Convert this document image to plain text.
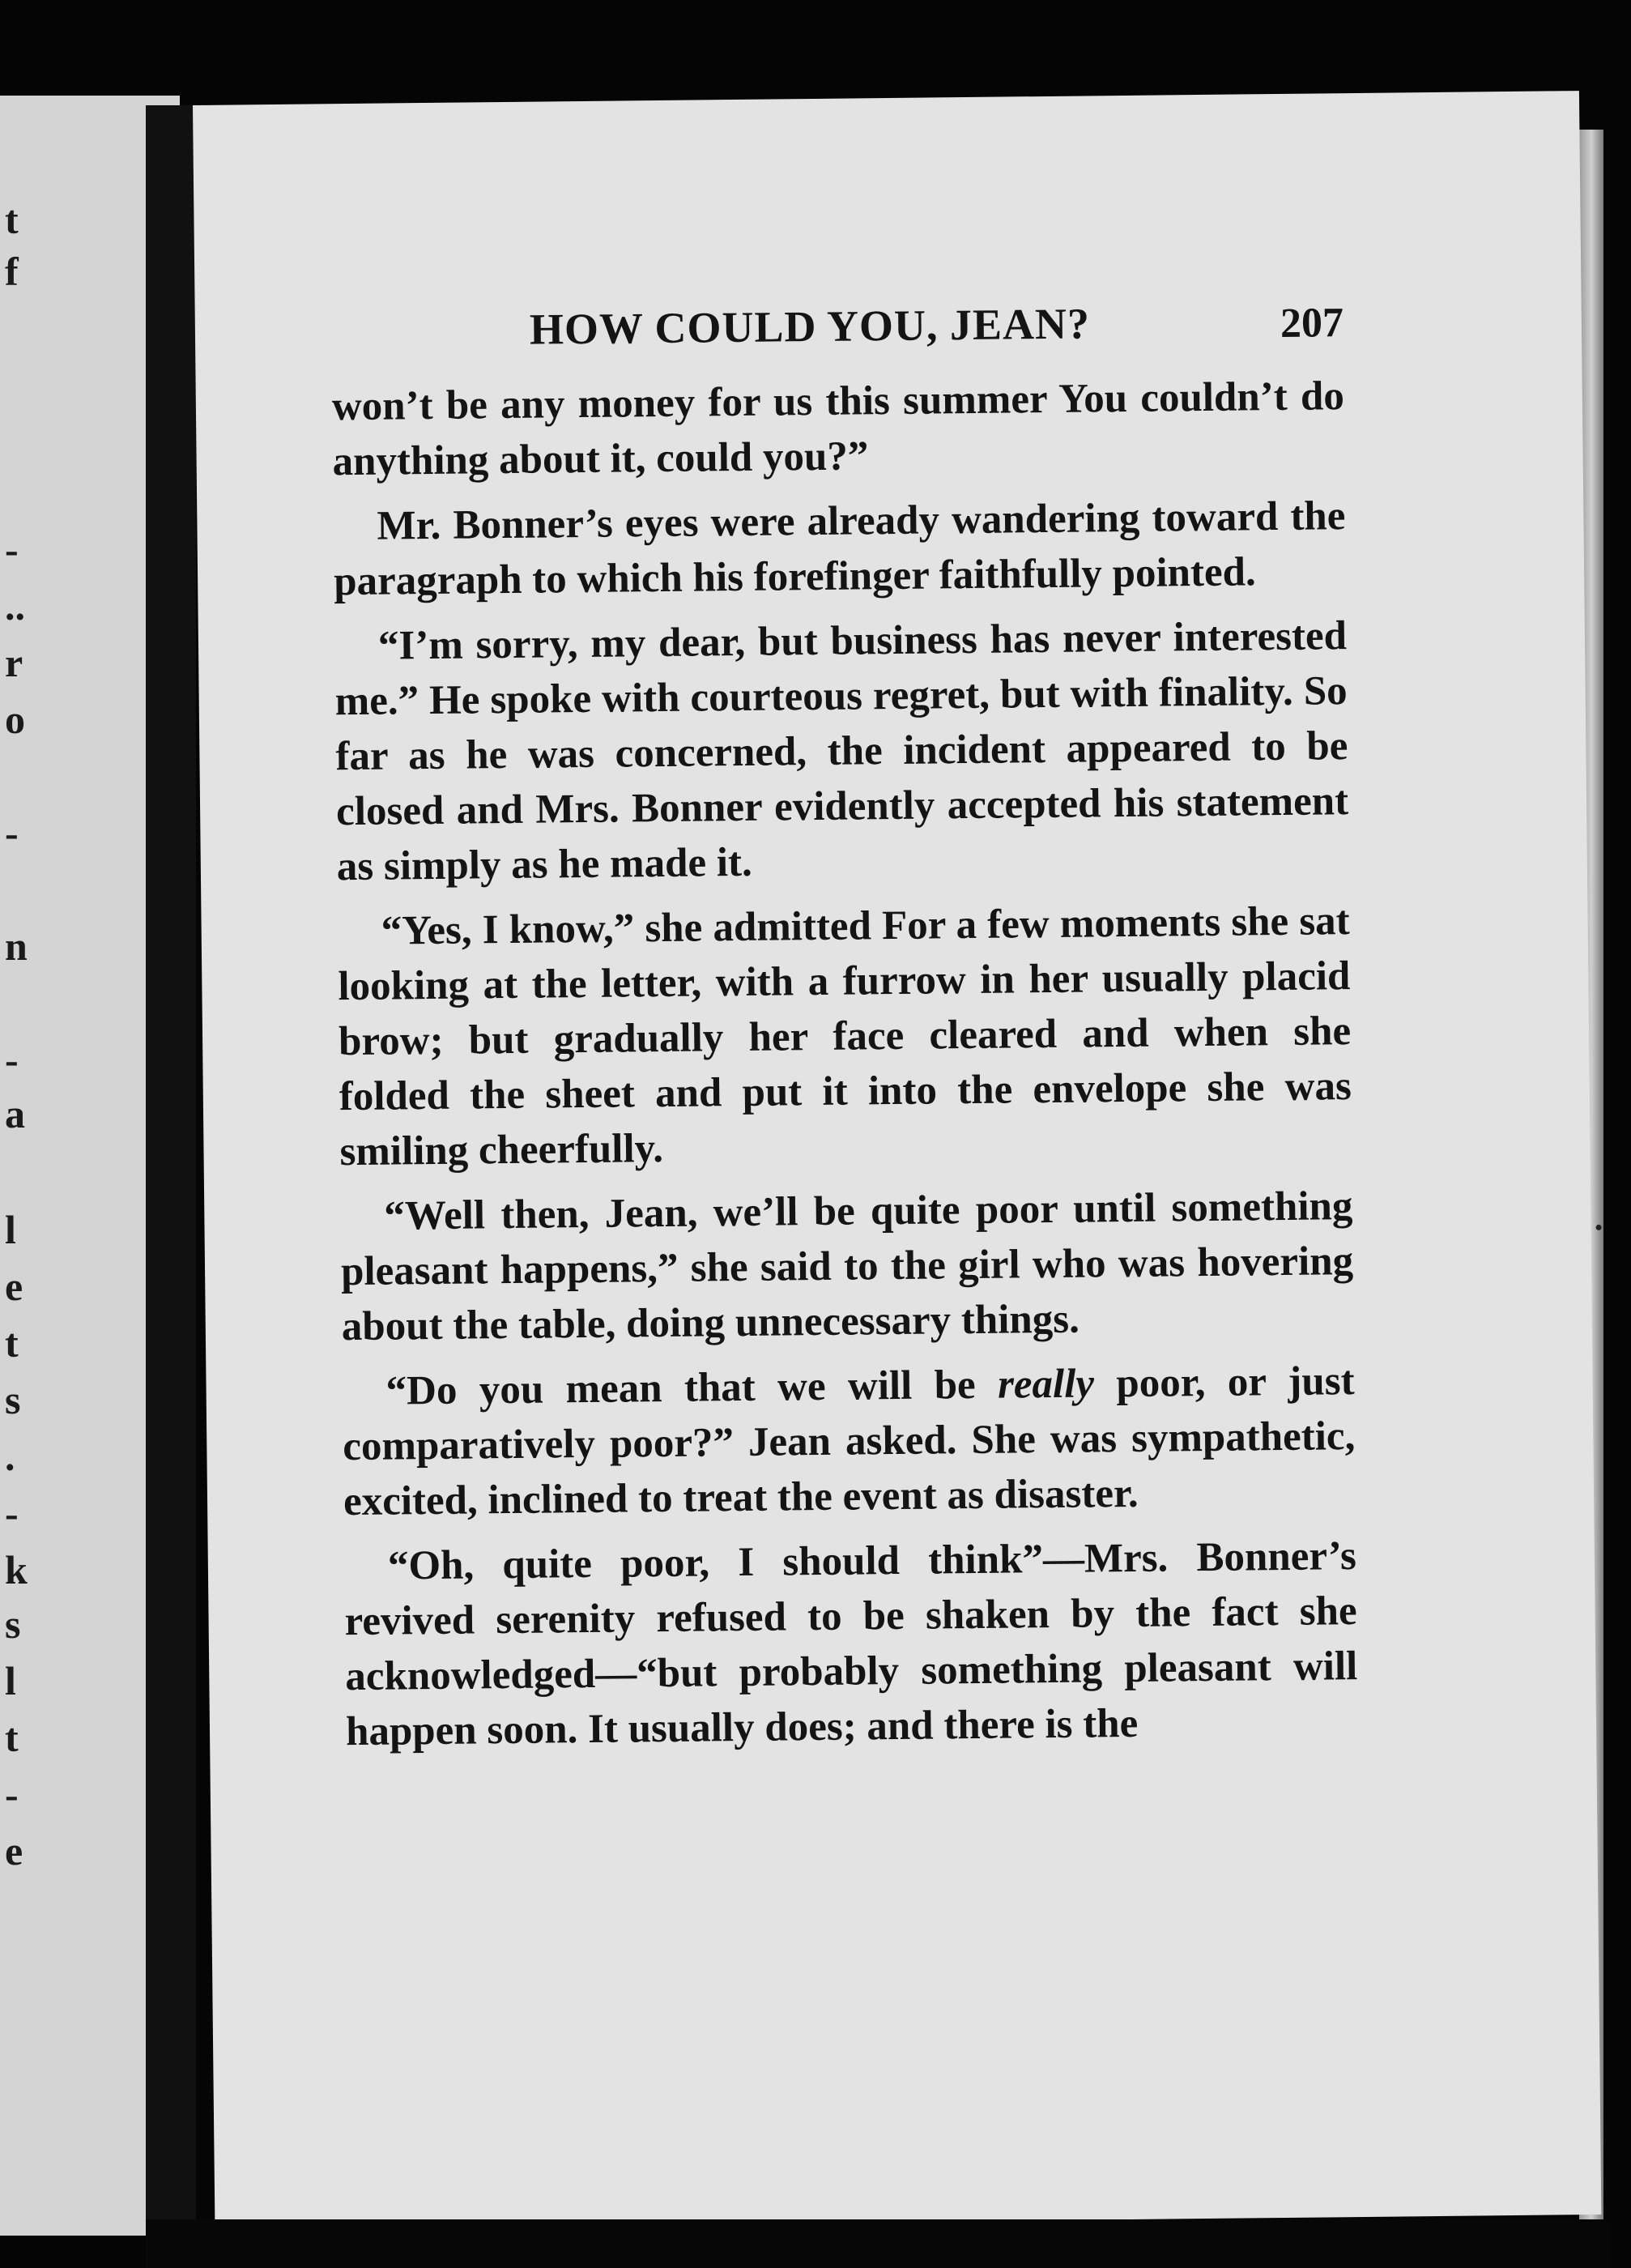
t
f
-
..
r
o
-
n
-
a
l
e
t
s
.
-
k
s
l
t
-
e
HOW COULD YOU, JEAN?	207

won’t be any money for us this summer You couldn’t do anything about it, could you?”

Mr. Bonner’s eyes were already wandering toward the paragraph to which his forefinger faithfully pointed.

“I’m sorry, my dear, but business has never interested me.” He spoke with courteous regret, but with finality. So far as he was concerned, the incident appeared to be closed and Mrs. Bonner evidently accepted his statement as simply as he made it.

“Yes, I know,” she admitted For a few moments she sat looking at the letter, with a furrow in her usually placid brow; but gradually her face cleared and when she folded the sheet and put it into the envelope she was smiling cheerfully.

“Well then, Jean, we’ll be quite poor until something pleasant happens,” she said to the girl who was hovering about the table, doing unnecessary things.

“Do you mean that we will be really poor, or just comparatively poor?” Jean asked. She was sympathetic, excited, inclined to treat the event as disaster.

“Oh, quite poor, I should think”—Mrs. Bonner’s revived serenity refused to be shaken by the fact she acknowledged—“but probably something pleasant will happen soon. It usually does; and there is the
